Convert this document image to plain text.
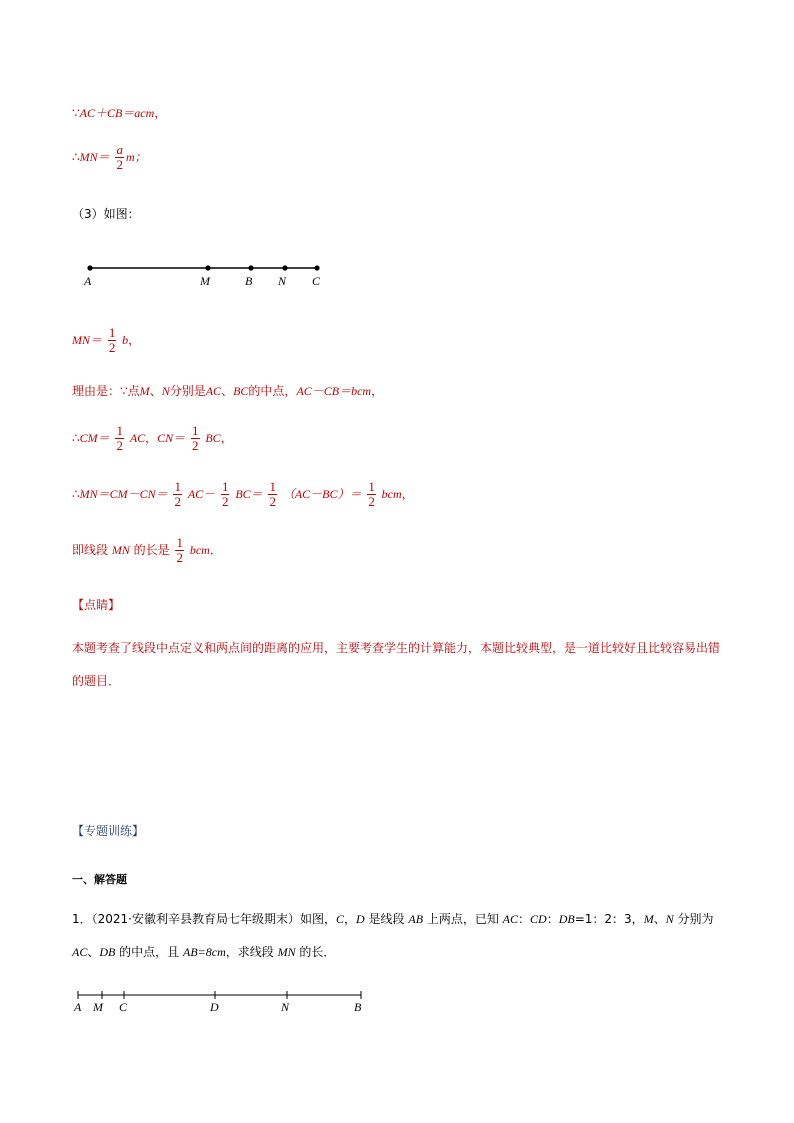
∵AC＋CB＝acm，
∴MN＝ $\frac{a}{2}$ m；
（3）如图：
A	M	B N C
$MN= \frac{1}{2}$ b，
理由是：∵点M、N分别是AC、BC的中点，AC－CB＝bcm，
∴CM＝ $\frac{1}{2}$ AC，$CN= \frac{1}{2}$ BC，
∴MN＝CM－CN＝ $\frac{1}{2} AC- \frac{1}{2} BC= \frac{1}{2} (AC-BC)= \frac{1}{2}$ bcm，
即线段 MN 的长是 $\frac{1}{2}$ bcm．
【点睛】
本题考查了线段中点定义和两点间的距离的应用，主要考查学生的计算能力，本题比较典型，是一道比较好且比较容易出错的题目．
【专题训练】
一、解答题
1．（2021·安徽利辛县教育局七年级期末）如图，C，D 是线段 AB 上两点，已知 AC：CD：DB=1：2：3，M、N 分别为 AC、DB 的中点，且 AB=8cm，求线段 MN 的长．
A M C	D	N	B
